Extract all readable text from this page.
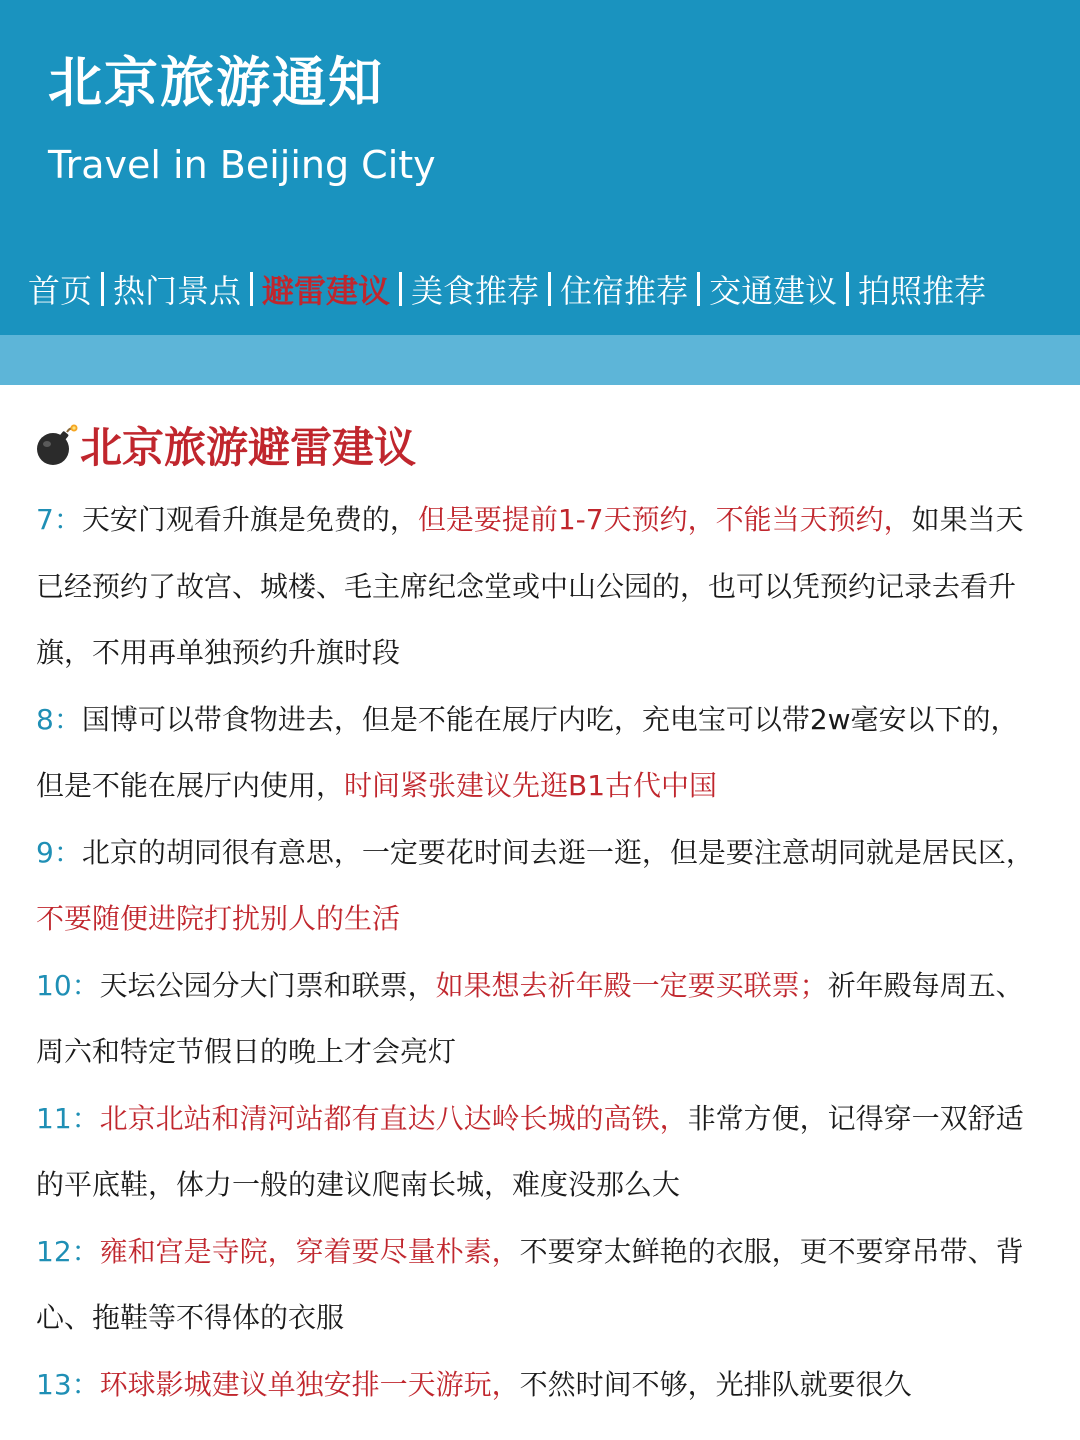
北京旅游通知
Travel in Beijing City
首页 热门景点 避雷建议 美食推荐 住宿推荐 交通建议 拍照推荐
北京旅游避雷建议

7：天安门观看升旗是免费的，但是要提前1-7天预约，不能当天预约，如果当天已经预约了故宫、城楼、毛主席纪念堂或中山公园的，也可以凭预约记录去看升旗，不用再单独预约升旗时段

8：国博可以带食物进去，但是不能在展厅内吃，充电宝可以带2w毫安以下的，但是不能在展厅内使用，时间紧张建议先逛B1古代中国

9：北京的胡同很有意思，一定要花时间去逛一逛，但是要注意胡同就是居民区，不要随便进院打扰别人的生活

10：天坛公园分大门票和联票，如果想去祈年殿一定要买联票；祈年殿每周五、周六和特定节假日的晚上才会亮灯

11：北京北站和清河站都有直达八达岭长城的高铁，非常方便，记得穿一双舒适的平底鞋，体力一般的建议爬南长城，难度没那么大

12：雍和宫是寺院，穿着要尽量朴素，不要穿太鲜艳的衣服，更不要穿吊带、背心、拖鞋等不得体的衣服

13：环球影城建议单独安排一天游玩，不然时间不够，光排队就要很久
